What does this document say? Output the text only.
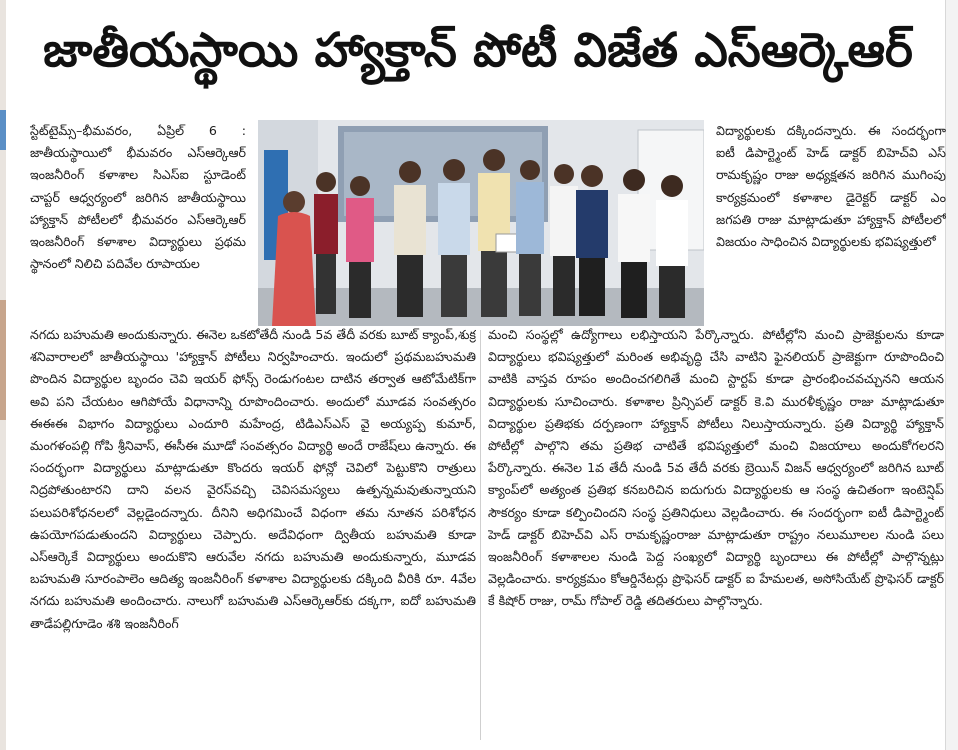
జాతీయస్థాయి హ్యాక్తాన్ పోటీ విజేత ఎస్ఆర్కెఆర్

స్టేట్‌టైమ్స్–భీమవరం, ఏప్రిల్ 6 : జాతీయస్థాయిలో భీమవరం ఎస్ఆర్కెఆర్ ఇంజనీరింగ్ కళాశాల సిఎస్ఐ స్టూడెంట్ చాప్టర్ ఆధ్వర్యంలో జరిగిన జాతీయస్థాయి హ్యాక్తాన్ పోటీలలో భీమవరం ఎస్ఆర్కెఆర్ ఇంజనీరింగ్ కళాశాల విద్యార్థులు ప్రథమ స్థానంలో నిలిచి పదివేల రూపాయల

విద్యార్థులకు దక్కిందన్నారు. ఈ సందర్భంగా ఐటీ డిపార్ట్మెంట్ హెడ్ డాక్టర్ బిహెచ్‌వి ఎస్ రామకృష్ణం రాజు అధ్యక్షతన జరిగిన ముగింపు కార్యక్రమంలో కళాశాల డైరెక్టర్ డాక్టర్ ఎం జగపతి రాజు మాట్లాడుతూ హ్యాక్తాన్ పోటీలలో విజయం సాధించిన విద్యార్థులకు భవిష్యత్తులో

నగదు బహుమతి అందుకున్నారు. ఈనెల ఒకటోతేదీ నుండి 5వ తేదీ వరకు బూట్ క్యాంప్,శుక్ర శనివారాలలో జాతీయస్థాయి 'హ్యాక్తాన్ పోటీలు నిర్వహించారు. ఇందులో ప్రథమబహుమతి పొందిన విద్యార్థుల బృందం చెవి ఇయర్ ఫోన్స్ రెండుగంటల దాటిన తర్వాత ఆటోమేటిక్‌గా అవి పని చేయటం ఆగిపోయే విధానాన్ని రూపొందించారు. అందులో మూడవ సంవత్సరం ఈఈఈ విభాగం విద్యార్థులు ఎందూరి మహేంద్ర, టిడిఎస్ఎస్ వై అయ్యప్ప కుమార్, మంగళంపల్లి గోపి శ్రీనివాస్, ఈసీఈ మూడో సంవత్సరం విద్యార్థి అందే రాజేష్‌లు ఉన్నారు. ఈ సందర్భంగా విద్యార్థులు మాట్లాడుతూ కొందరు ఇయర్ ఫోన్లో చెవిలో పెట్టుకొని రాత్రులు నిద్రపోతుంటారని దాని వలన వైరస్‌వచ్చి చెవిసమస్యలు ఉత్పన్నమవుతున్నాయని పలుపరిశోధనలలో వెల్లడైందన్నారు. దీనిని అధిగమించే విధంగా తమ నూతన పరిశోధన ఉపయోగపడుతుందని విద్యార్థులు చెప్పారు. అదేవిధంగా ద్వితీయ బహుమతి కూడా ఎస్ఆర్కెకే విద్యార్థులు అందుకొని ఆరువేల నగదు బహుమతి అందుకున్నారు, మూడవ బహుమతి సూరంపాలెం ఆదిత్య ఇంజనీరింగ్ కళాశాల విద్యార్థులకు దక్కింది వీరికి రూ. 4వేల నగదు బహుమతి అందించారు. నాలుగో బహుమతి ఎస్ఆర్కెఆర్‌కు దక్కగా, ఐదో బహుమతి తాడేపల్లిగూడెం శశి ఇంజనీరింగ్

మంచి సంస్థల్లో ఉద్యోగాలు లభిస్తాయని పేర్కొన్నారు. పోటీల్లోని మంచి ప్రాజెక్టులను కూడా విద్యార్థులు భవిష్యత్తులో మరింత అభివృద్ధి చేసి వాటిని ఫైనలియర్ ప్రాజెక్టుగా రూపొందించి వాటికి వాస్తవ రూపం అందించగలిగితే మంచి స్టార్టప్ కూడా ప్రారంభించవచ్చునని ఆయన విద్యార్థులకు సూచించారు. కళాశాల ప్రిన్సిపల్ డాక్టర్ కె.వి మురళీకృష్ణం రాజు మాట్లాడుతూ విద్యార్థుల ప్రతిభకు దర్పణంగా హ్యాక్తాన్ పోటీలు నిలుస్తాయన్నారు. ప్రతి విద్యార్థి హ్యాక్తాన్ పోటీల్లో పాల్గొని తమ ప్రతిభ చాటితే భవిష్యత్తులో మంచి విజయాలు అందుకోగలరని పేర్కొన్నారు. ఈనెల 1వ తేదీ నుండి 5వ తేదీ వరకు బ్రెయిన్ విజన్ ఆధ్వర్యంలో జరిగిన బూట్ క్యాంప్‌లో అత్యంత ప్రతిభ కనబరిచిన ఐదుగురు విద్యార్థులకు ఆ సంస్థ ఉచితంగా ఇంటెన్షిప్ సౌకర్యం కూడా కల్పించిందని సంస్థ ప్రతినిధులు వెల్లడించారు. ఈ సందర్భంగా ఐటీ డిపార్ట్మెంట్ హెడ్ డాక్టర్ బిహెచ్‌వి ఎస్ రామకృష్ణంరాజు మాట్లాడుతూ రాష్ట్రం నలుమూలల నుండి పలు ఇంజనీరింగ్ కళాశాలల నుండి పెద్ద సంఖ్యలో విద్యార్థి బృందాలు ఈ పోటీల్లో పాల్గొన్నట్లు వెల్లడించారు. కార్యక్రమం కోఆర్డినేటర్లు ప్రొఫెసర్ డాక్టర్ ఐ హేమలత, అసోసియేట్ ప్రొఫెసర్ డాక్టర్ కే కిషోర్ రాజు, రామ్ గోపాల్ రెడ్డి తదితరులు పాల్గొన్నారు.
